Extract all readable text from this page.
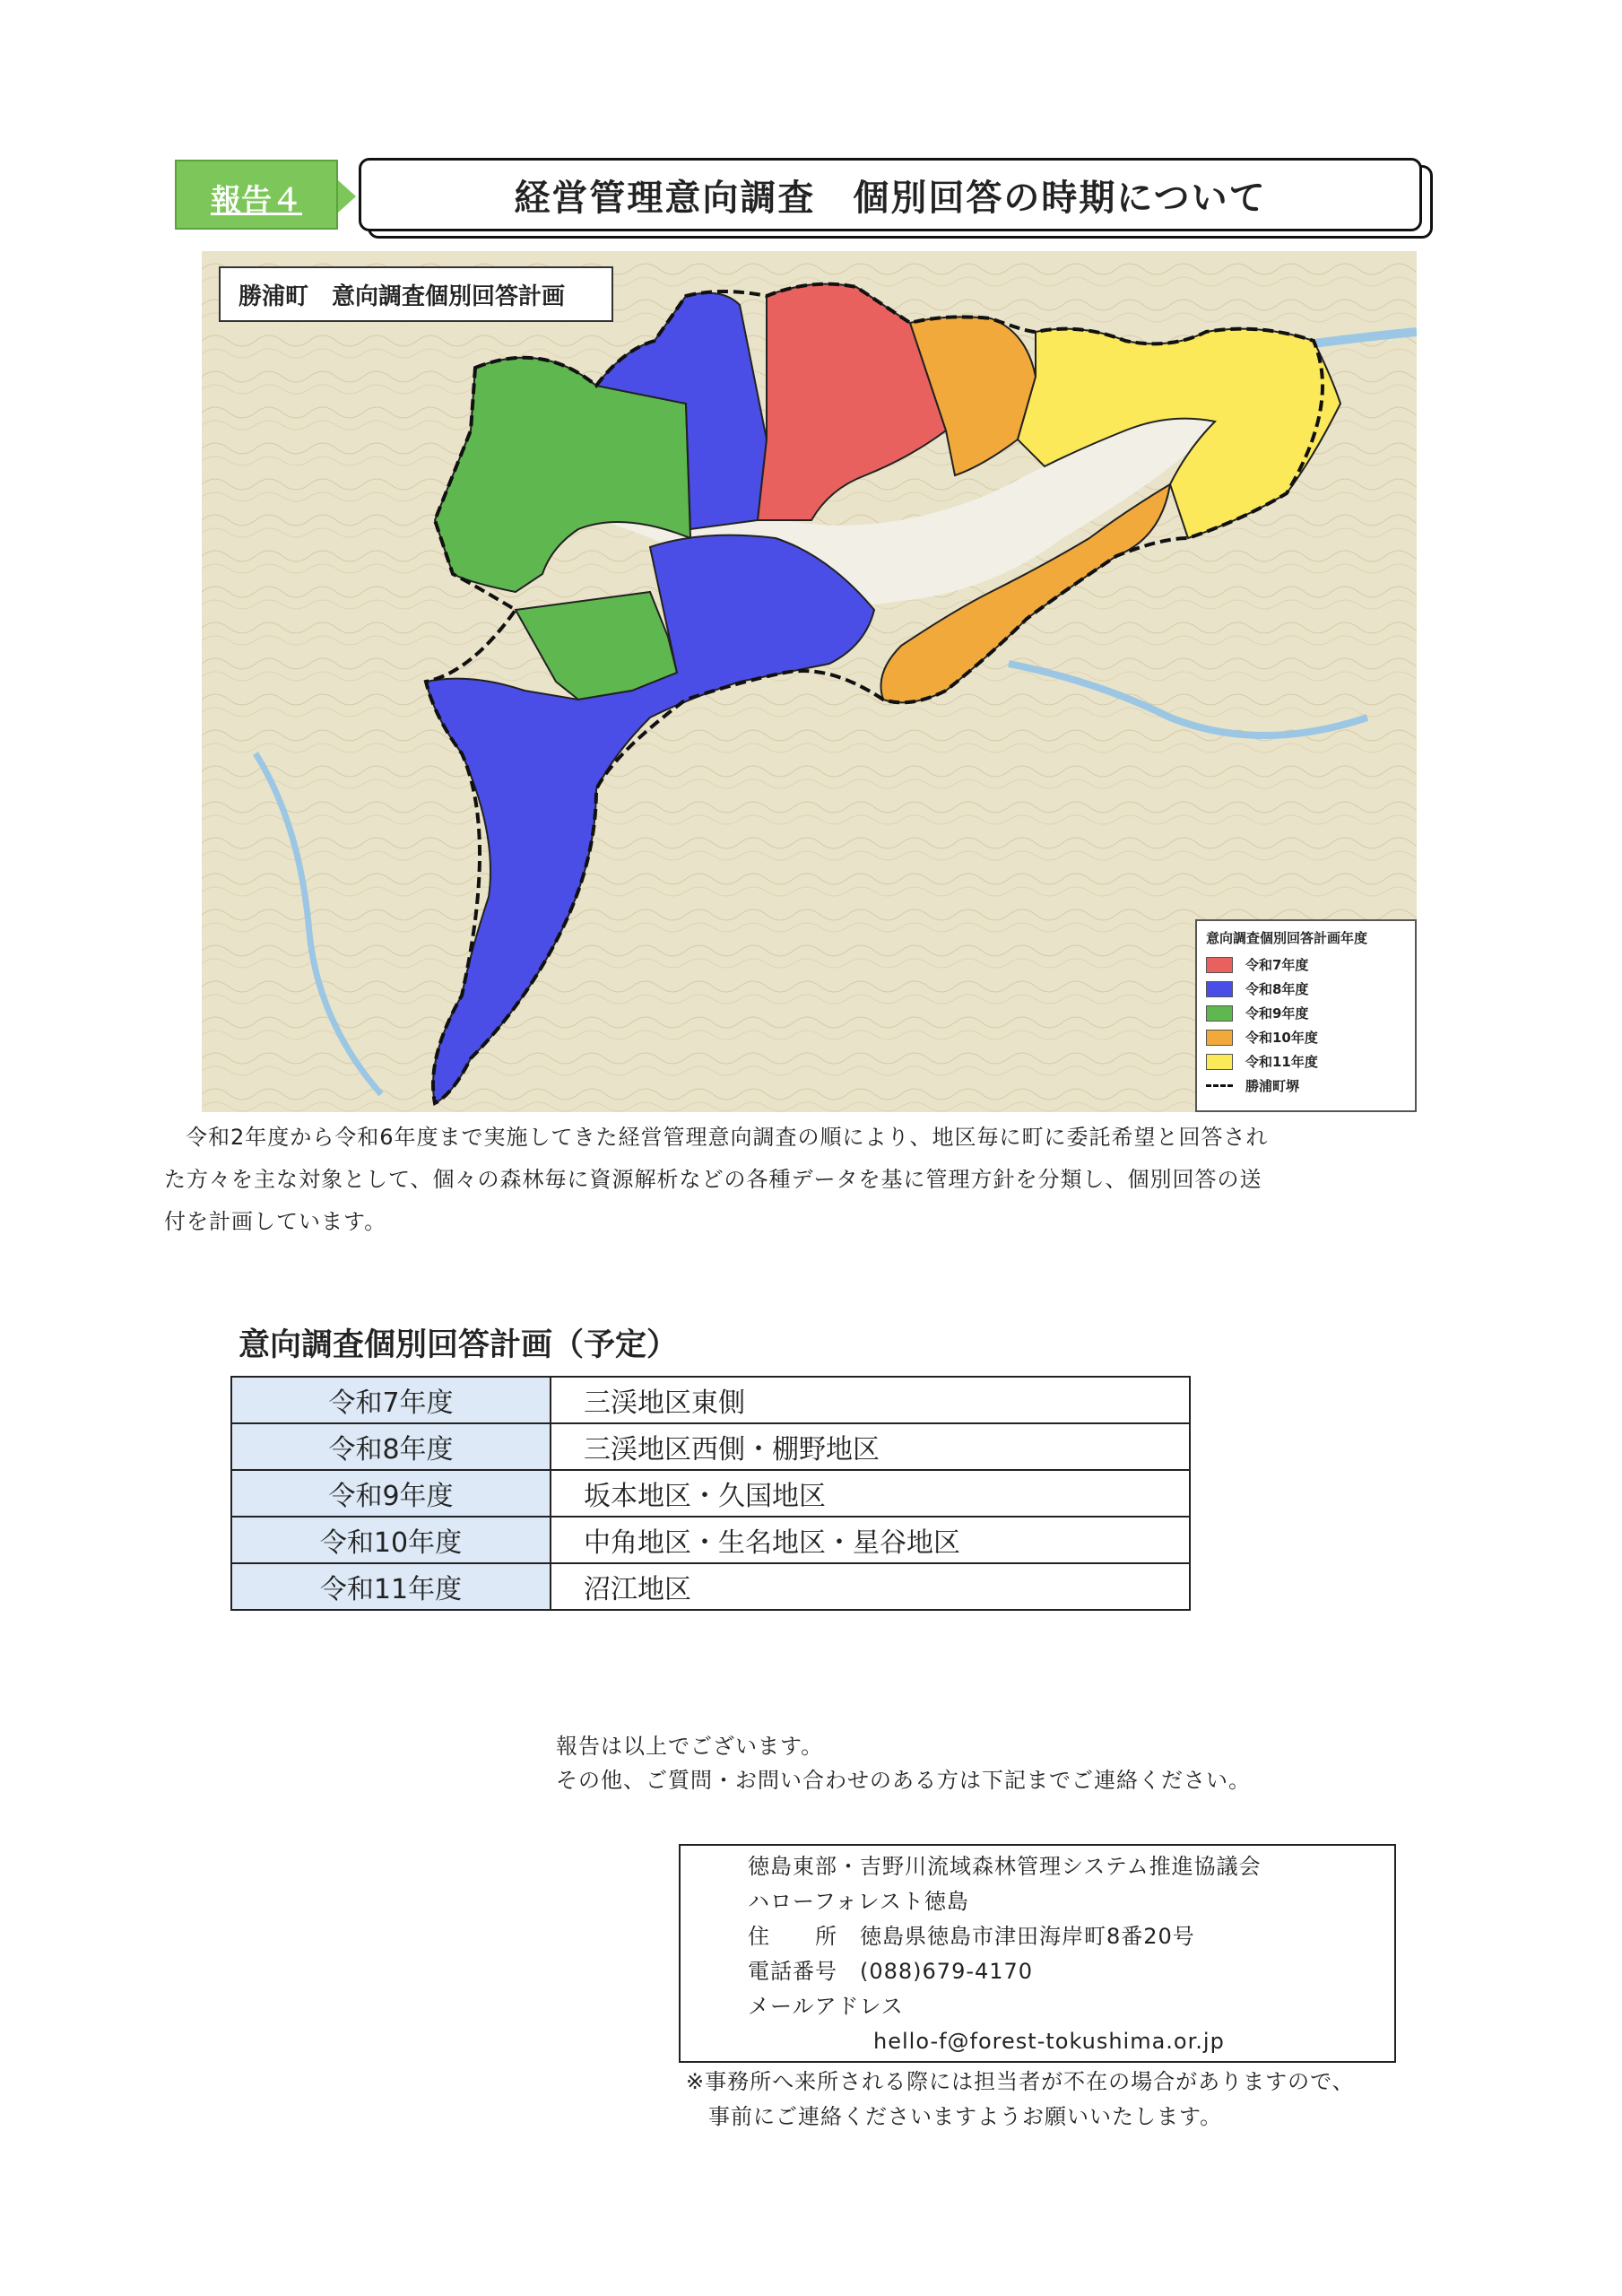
報告４	経営管理意向調査　個別回答の時期について
勝浦町　意向調査個別回答計画
意向調査個別回答計画年度
令和7年度
令和8年度
令和9年度
令和10年度
令和11年度
勝浦町堺
令和2年度から令和6年度まで実施してきた経営管理意向調査の順により、地区毎に町に委託希望と回答され
た方々を主な対象として、個々の森林毎に資源解析などの各種データを基に管理方針を分類し、個別回答の送
付を計画しています。
意向調査個別回答計画（予定）
令和7年度	三渓地区東側
令和8年度	三渓地区西側・棚野地区
令和9年度	坂本地区・久国地区
令和10年度	中角地区・生名地区・星谷地区
令和11年度	沼江地区
報告は以上でございます。
その他、ご質問・お問い合わせのある方は下記までご連絡ください。
徳島東部・吉野川流域森林管理システム推進協議会
ハローフォレスト徳島
住　　所　徳島県徳島市津田海岸町8番20号
電話番号　(088)679-4170
メールアドレス
hello-f@forest-tokushima.or.jp
※事務所へ来所される際には担当者が不在の場合がありますので、
　事前にご連絡くださいますようお願いいたします。
